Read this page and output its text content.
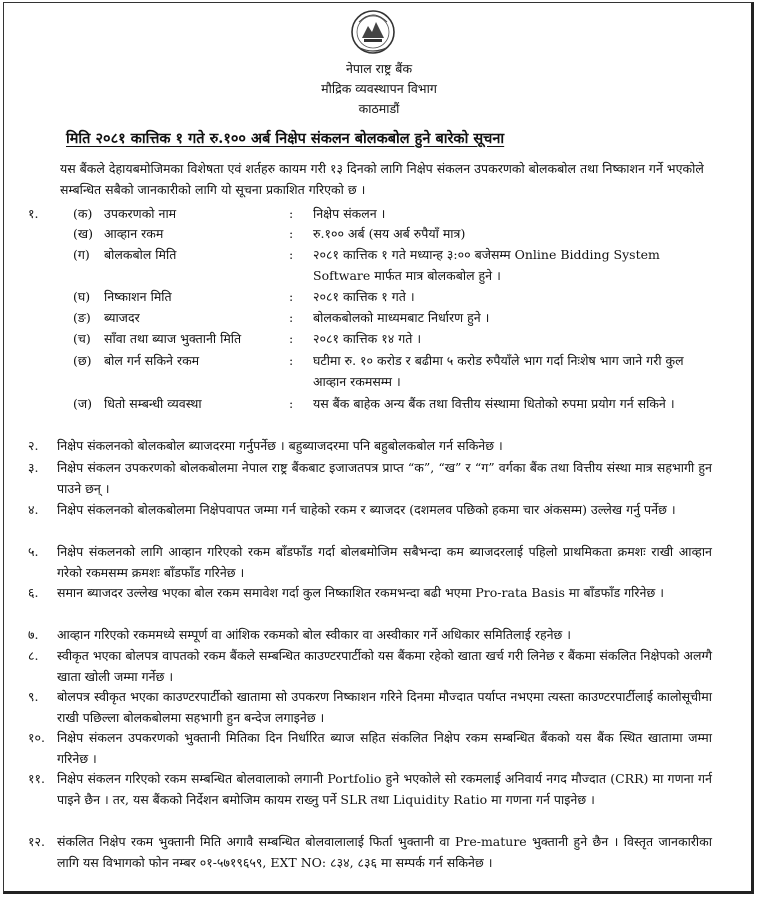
नेपाल राष्ट्र बैंक
मौद्रिक व्यवस्थापन विभाग
काठमाडौं
मिति २०८१ कात्तिक १ गते रु.१०० अर्ब निक्षेप संकलन बोलकबोल हुने बारेको सूचना
यस बैंकले देहायबमोजिमका विशेषता एवं शर्तहरु कायम गरी १३ दिनको लागि निक्षेप संकलन उपकरणको बोलकबोल तथा निष्काशन गर्ने भएकोले सम्बन्धित सबैको जानकारीको लागि यो सूचना प्रकाशित गरिएको छ ।
१.	(क) उपकरणको नाम	: निक्षेप संकलन ।
(ख) आव्हान रकम	: रु.१०० अर्ब (सय अर्ब रुपैयाँ मात्र)
(ग) बोलकबोल मिति	: २०८१ कात्तिक १ गते मध्यान्ह ३:०० बजेसम्म Online Bidding System Software मार्फत मात्र बोलकबोल हुने ।
(घ) निष्काशन मिति	: २०८१ कात्तिक १ गते ।
(ङ) ब्याजदर	: बोलकबोलको माध्यमबाट निर्धारण हुने ।
(च) साँवा तथा ब्याज भुक्तानी मिति	: २०८१ कात्तिक १४ गते ।
(छ) बोल गर्न सकिने रकम	: घटीमा रु. १० करोड र बढीमा ५ करोड रुपैयाँले भाग गर्दा निःशेष भाग जाने गरी कुल आव्हान रकमसम्म ।
(ज) धितो सम्बन्धी व्यवस्था	: यस बैंक बाहेक अन्य बैंक तथा वित्तीय संस्थामा धितोको रुपमा प्रयोग गर्न सकिने ।
२. निक्षेप संकलनको बोलकबोल ब्याजदरमा गर्नुपर्नेछ । बहुब्याजदरमा पनि बहुबोलकबोल गर्न सकिनेछ ।
३. निक्षेप संकलन उपकरणको बोलकबोलमा नेपाल राष्ट्र बैंकबाट इजाजतपत्र प्राप्त “क”, “ख” र “ग” वर्गका बैंक तथा वित्तीय संस्था मात्र सहभागी हुन पाउने छन् ।
४. निक्षेप संकलनको बोलकबोलमा निक्षेपवापत जम्मा गर्न चाहेको रकम र ब्याजदर (दशमलव पछिको हकमा चार अंकसम्म) उल्लेख गर्नु पर्नेछ ।
५. निक्षेप संकलनको लागि आव्हान गरिएको रकम बाँडफाँड गर्दा बोलबमोजिम सबैभन्दा कम ब्याजदरलाई पहिलो प्राथमिकता क्रमशः राखी आव्हान गरेको रकमसम्म क्रमशः बाँडफाँड गरिनेछ ।
६. समान ब्याजदर उल्लेख भएका बोल रकम समावेश गर्दा कुल निष्काशित रकमभन्दा बढी भएमा Pro-rata Basis मा बाँडफाँड गरिनेछ ।
७. आव्हान गरिएको रकममध्ये सम्पूर्ण वा आंशिक रकमको बोल स्वीकार वा अस्वीकार गर्ने अधिकार समितिलाई रहनेछ ।
८. स्वीकृत भएका बोलपत्र वापतको रकम बैंकले सम्बन्धित काउण्टरपार्टीको यस बैंकमा रहेको खाता खर्च गरी लिनेछ र बैंकमा संकलित निक्षेपको अलग्गै खाता खोली जम्मा गर्नेछ ।
९. बोलपत्र स्वीकृत भएका काउण्टरपार्टीको खातामा सो उपकरण निष्काशन गरिने दिनमा मौज्दात पर्याप्त नभएमा त्यस्ता काउण्टरपार्टीलाई कालोसूचीमा राखी पछिल्ला बोलकबोलमा सहभागी हुन बन्देज लगाइनेछ ।
१०. निक्षेप संकलन उपकरणको भुक्तानी मितिका दिन निर्धारित ब्याज सहित संकलित निक्षेप रकम सम्बन्धित बैंकको यस बैंक स्थित खातामा जम्मा गरिनेछ ।
११. निक्षेप संकलन गरिएको रकम सम्बन्धित बोलवालाको लगानी Portfolio हुने भएकोले सो रकमलाई अनिवार्य नगद मौज्दात (CRR) मा गणना गर्न पाइने छैन । तर, यस बैंकको निर्देशन बमोजिम कायम राख्नु पर्ने SLR तथा Liquidity Ratio मा गणना गर्न पाइनेछ ।
१२. संकलित निक्षेप रकम भुक्तानी मिति अगावै सम्बन्धित बोलवालालाई फिर्ता भुक्तानी वा Pre-mature भुक्तानी हुने छैन । विस्तृत जानकारीका लागि यस विभागको फोन नम्बर ०१-५७१९६५९, EXT NO: ८३४, ८३६ मा सम्पर्क गर्न सकिनेछ ।
